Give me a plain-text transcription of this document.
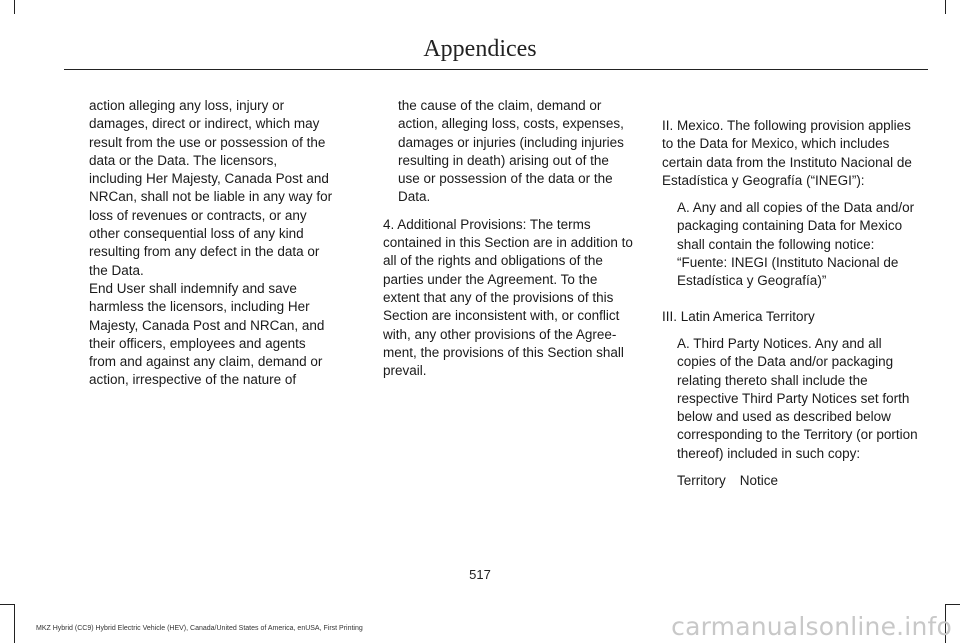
Appendices

action alleging any loss, injury or damages, direct or indirect, which may result from the use or possession of the data or the Data. The licensors, including Her Majesty, Canada Post and NRCan, shall not be liable in any way for loss of revenues or contracts, or any other consequential loss of any kind resulting from any defect in the data or the Data.

End User shall indemnify and save harmless the licensors, including Her Majesty, Canada Post and NRCan, and their officers, employees and agents from and against any claim, demand or action, irrespective of the nature of

the cause of the claim, demand or action, alleging loss, costs, expenses, damages or injuries (including injuries resulting in death) arising out of the use or possession of the data or the Data.

4. Additional Provisions: The terms contained in this Section are in addition to all of the rights and obligations of the parties under the Agreement. To the extent that any of the provisions of this Section are inconsistent with, or conflict with, any other provisions of the Agree-ment, the provisions of this Section shall prevail.

II. Mexico. The following provision applies to the Data for Mexico, which includes certain data from the Instituto Nacional de Estadística y Geografía (“INEGI”):

A. Any and all copies of the Data and/or packaging containing Data for Mexico shall contain the following notice: “Fuente: INEGI (Instituto Nacional de Estadística y Geografía)”

III. Latin America Territory

A. Third Party Notices. Any and all copies of the Data and/or packaging relating thereto shall include the respective Third Party Notices set forth below and used as described below corresponding to the Territory (or portion thereof) included in such copy:

Territory Notice
517
MKZ Hybrid (CC9) Hybrid Electric Vehicle (HEV), Canada/United States of America, enUSA, First Printing	carmanualsonline.info
